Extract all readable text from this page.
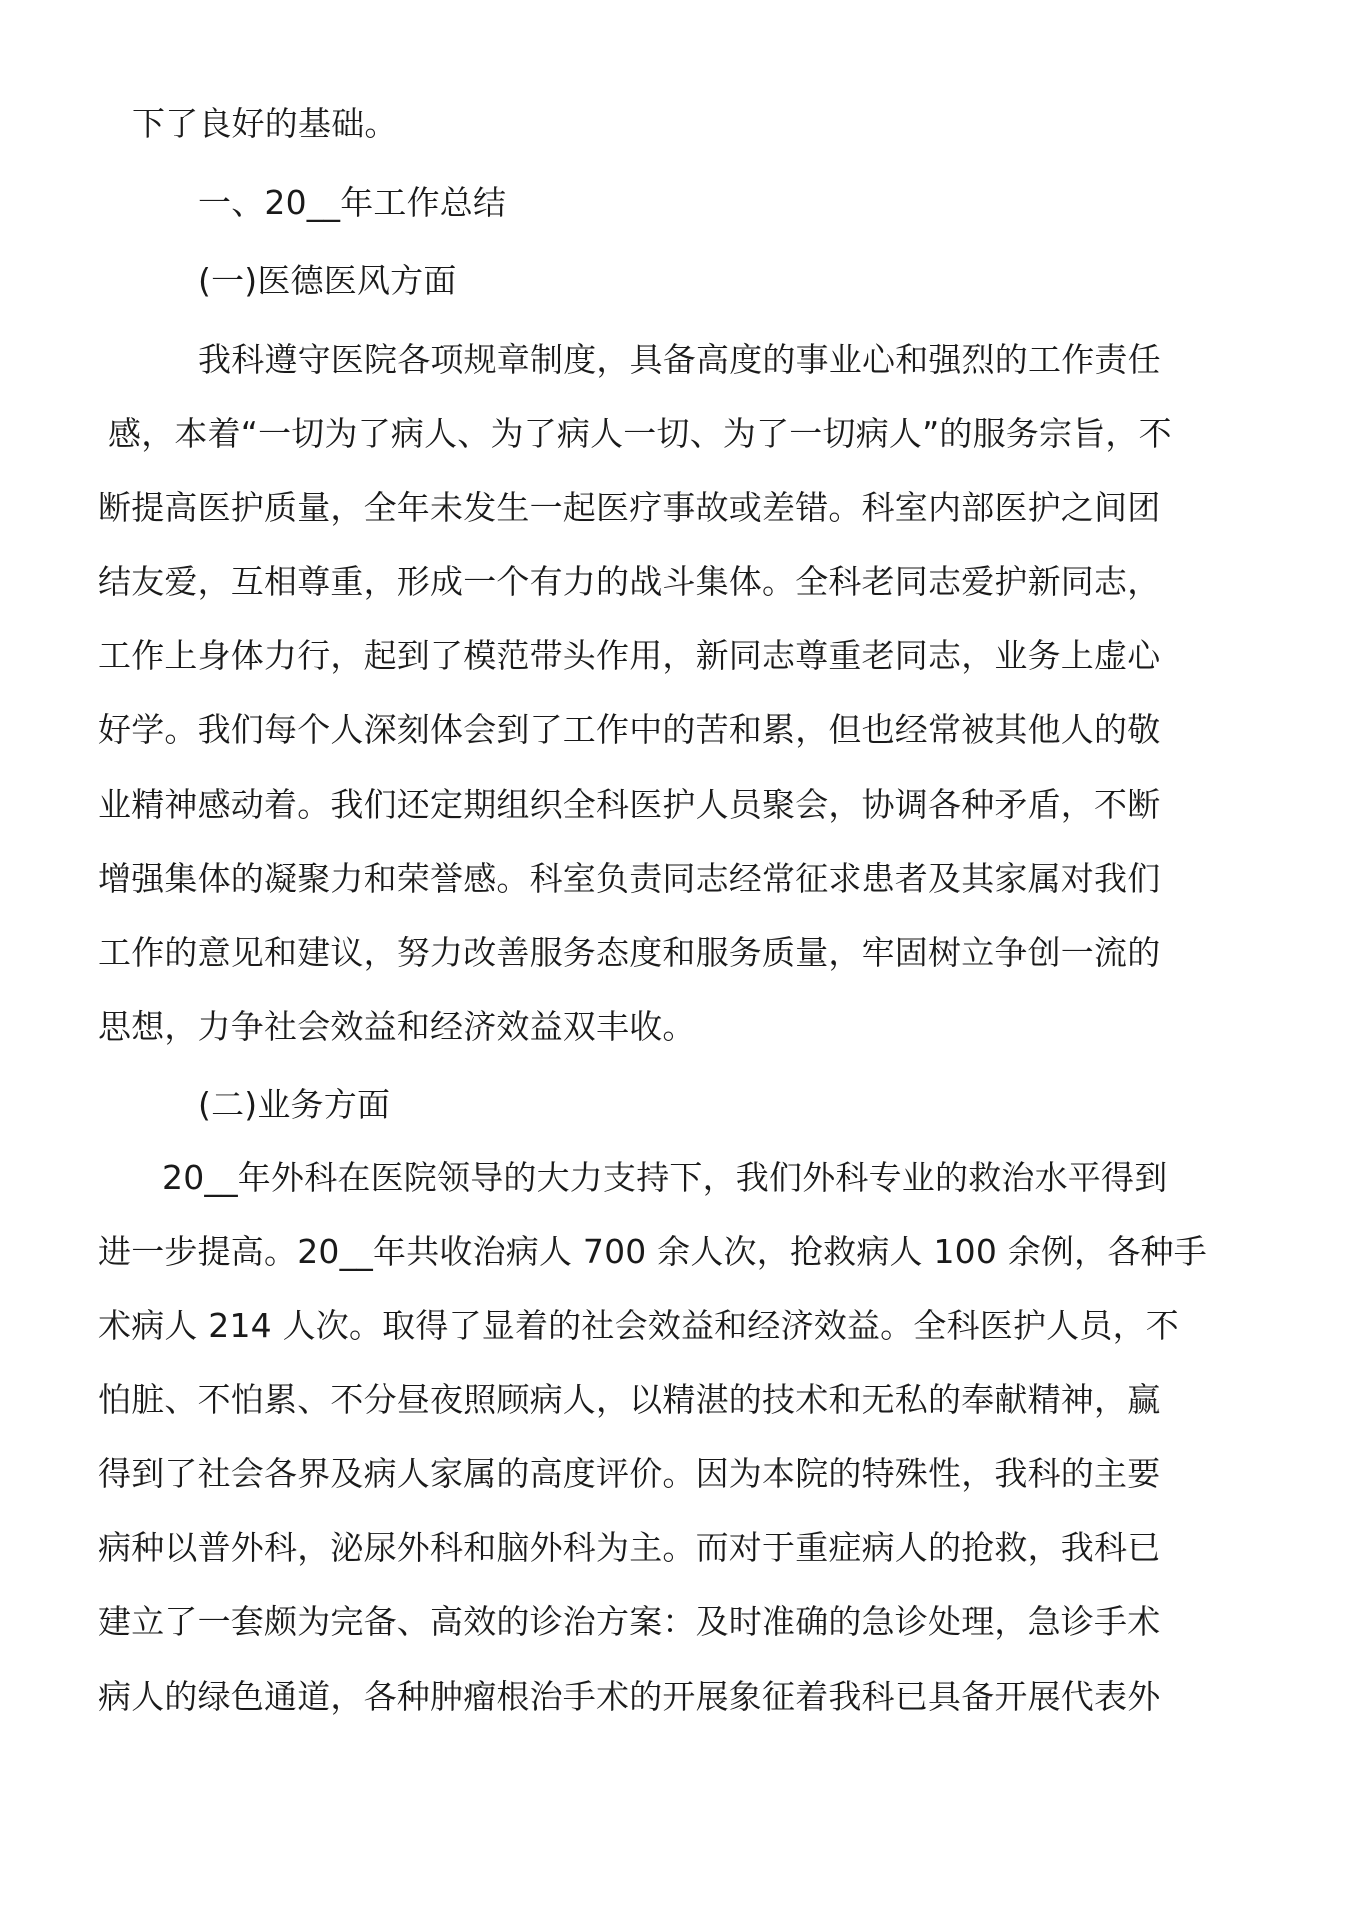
下了良好的基础。
一、20__年工作总结
(一)医德医风方面
我科遵守医院各项规章制度，具备高度的事业心和强烈的工作责任
感，本着“一切为了病人、为了病人一切、为了一切病人”的服务宗旨，不
断提高医护质量，全年未发生一起医疗事故或差错。科室内部医护之间团
结友爱，互相尊重，形成一个有力的战斗集体。全科老同志爱护新同志，
工作上身体力行，起到了模范带头作用，新同志尊重老同志，业务上虚心
好学。我们每个人深刻体会到了工作中的苦和累，但也经常被其他人的敬
业精神感动着。我们还定期组织全科医护人员聚会，协调各种矛盾，不断
增强集体的凝聚力和荣誉感。科室负责同志经常征求患者及其家属对我们
工作的意见和建议，努力改善服务态度和服务质量，牢固树立争创一流的
思想，力争社会效益和经济效益双丰收。
(二)业务方面
20__年外科在医院领导的大力支持下，我们外科专业的救治水平得到
进一步提高。20__年共收治病人 700 余人次，抢救病人 100 余例，各种手
术病人 214 人次。取得了显着的社会效益和经济效益。全科医护人员，不
怕脏、不怕累、不分昼夜照顾病人，以精湛的技术和无私的奉献精神，赢
得到了社会各界及病人家属的高度评价。因为本院的特殊性，我科的主要
病种以普外科，泌尿外科和脑外科为主。而对于重症病人的抢救，我科已
建立了一套颇为完备、高效的诊治方案：及时准确的急诊处理，急诊手术
病人的绿色通道，各种肿瘤根治手术的开展象征着我科已具备开展代表外
